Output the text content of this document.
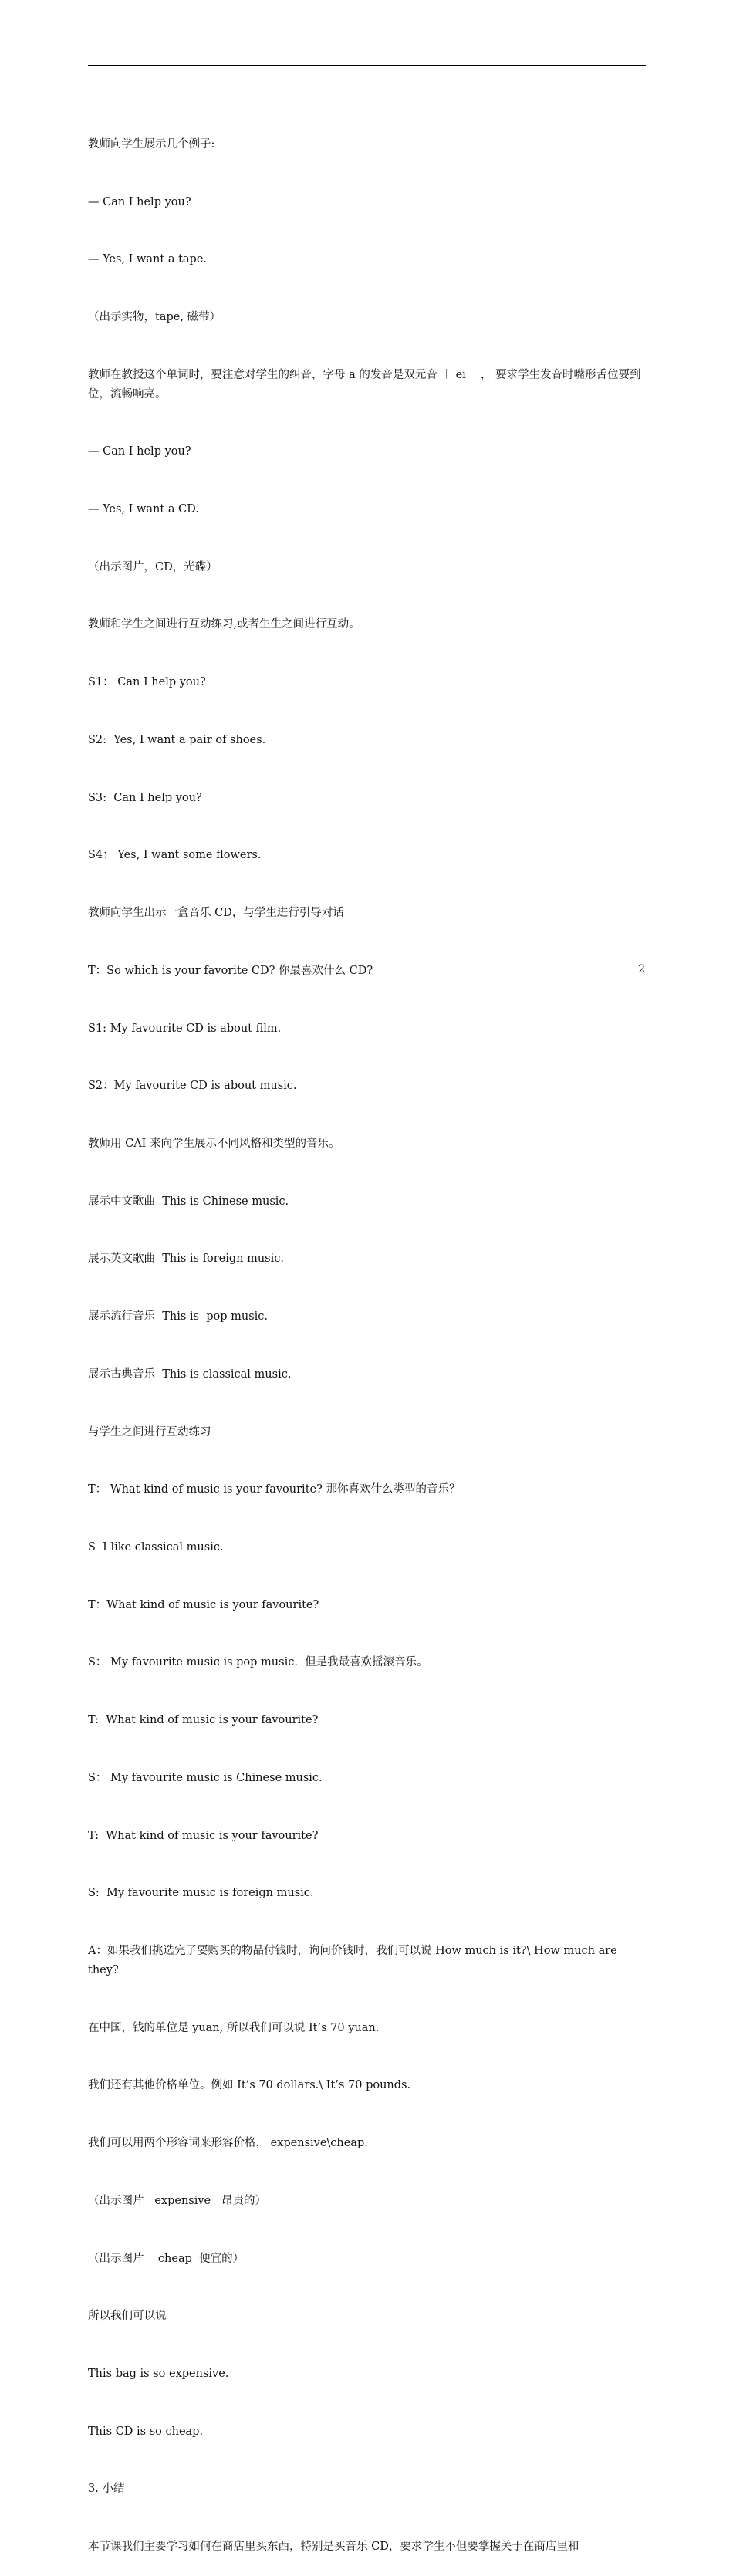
教师向学生展示几个例子:

— Can I help you?

— Yes, I want a tape.

（出示实物，tape, 磁带）

教师在教授这个单词时，要注意对学生的纠音，字母 a 的发音是双元音 ︱ ei ︱， 要求学生发音时嘴形舌位要到位，流畅响亮。

— Can I help you?

— Yes, I want a CD.

（出示图片，CD，光碟）

教师和学生之间进行互动练习,或者生生之间进行互动。

S1： Can I help you?

S2:  Yes, I want a pair of shoes.

S3:  Can I help you?

S4： Yes, I want some flowers.

教师向学生出示一盒音乐 CD，与学生进行引导对话

T：So which is your favorite CD? 你最喜欢什么 CD?

S1: My favourite CD is about film.

S2：My favourite CD is about music.

教师用 CAI 来向学生展示不同风格和类型的音乐。

展示中文歌曲  This is Chinese music.

展示英文歌曲  This is foreign music.

展示流行音乐  This is  pop music.

展示古典音乐  This is classical music.

与学生之间进行互动练习

T： What kind of music is your favourite? 那你喜欢什么类型的音乐？

S  I like classical music.

T：What kind of music is your favourite?

S： My favourite music is pop music.  但是我最喜欢摇滚音乐。

T:  What kind of music is your favourite?

S： My favourite music is Chinese music.

T:  What kind of music is your favourite?

S:  My favourite music is foreign music.

A：如果我们挑选完了要购买的物品付钱时，询问价钱时，我们可以说 How much is it?\ How much are they?

在中国，钱的单位是 yuan, 所以我们可以说 It’s 70 yuan.

我们还有其他价格单位。例如 It’s 70 dollars.\ It’s 70 pounds.

我们可以用两个形容词来形容价格， expensive\cheap.

（出示图片   expensive   昂贵的）

（出示图片    cheap  便宜的）

所以我们可以说

This bag is so expensive.

This CD is so cheap.

3. 小结

本节课我们主要学习如何在商店里买东西，特别是买音乐 CD，要求学生不但要掌握关于在商店里和

2
